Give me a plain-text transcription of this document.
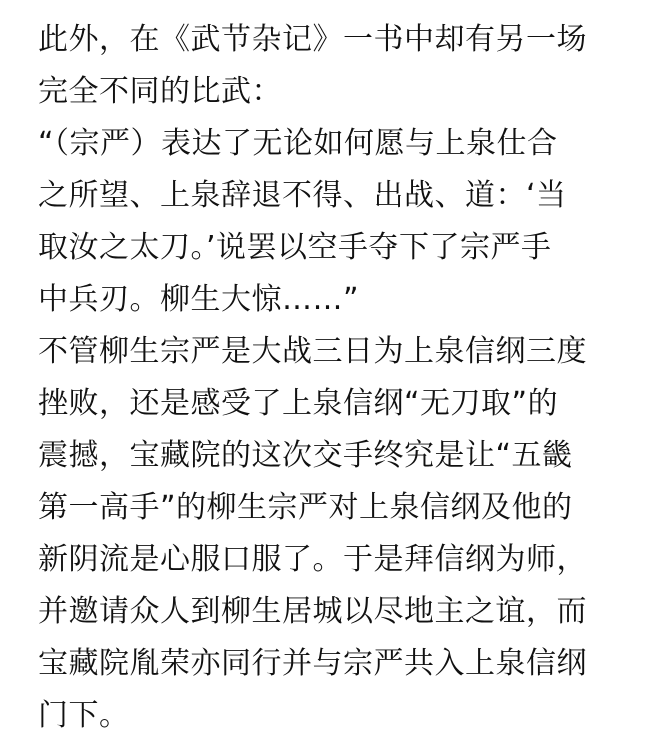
此外，在《武节杂记》一书中却有另一场
完全不同的比武：
“（宗严）表达了无论如何愿与上泉仕合
之所望、上泉辞退不得、出战、道：‘当
取汝之太刀。’说罢以空手夺下了宗严手
中兵刃。柳生大惊……”
不管柳生宗严是大战三日为上泉信纲三度
挫败，还是感受了上泉信纲“无刀取”的
震撼，宝藏院的这次交手终究是让“五畿
第一高手”的柳生宗严对上泉信纲及他的
新阴流是心服口服了。于是拜信纲为师，
并邀请众人到柳生居城以尽地主之谊，而
宝藏院胤荣亦同行并与宗严共入上泉信纲
门下。
